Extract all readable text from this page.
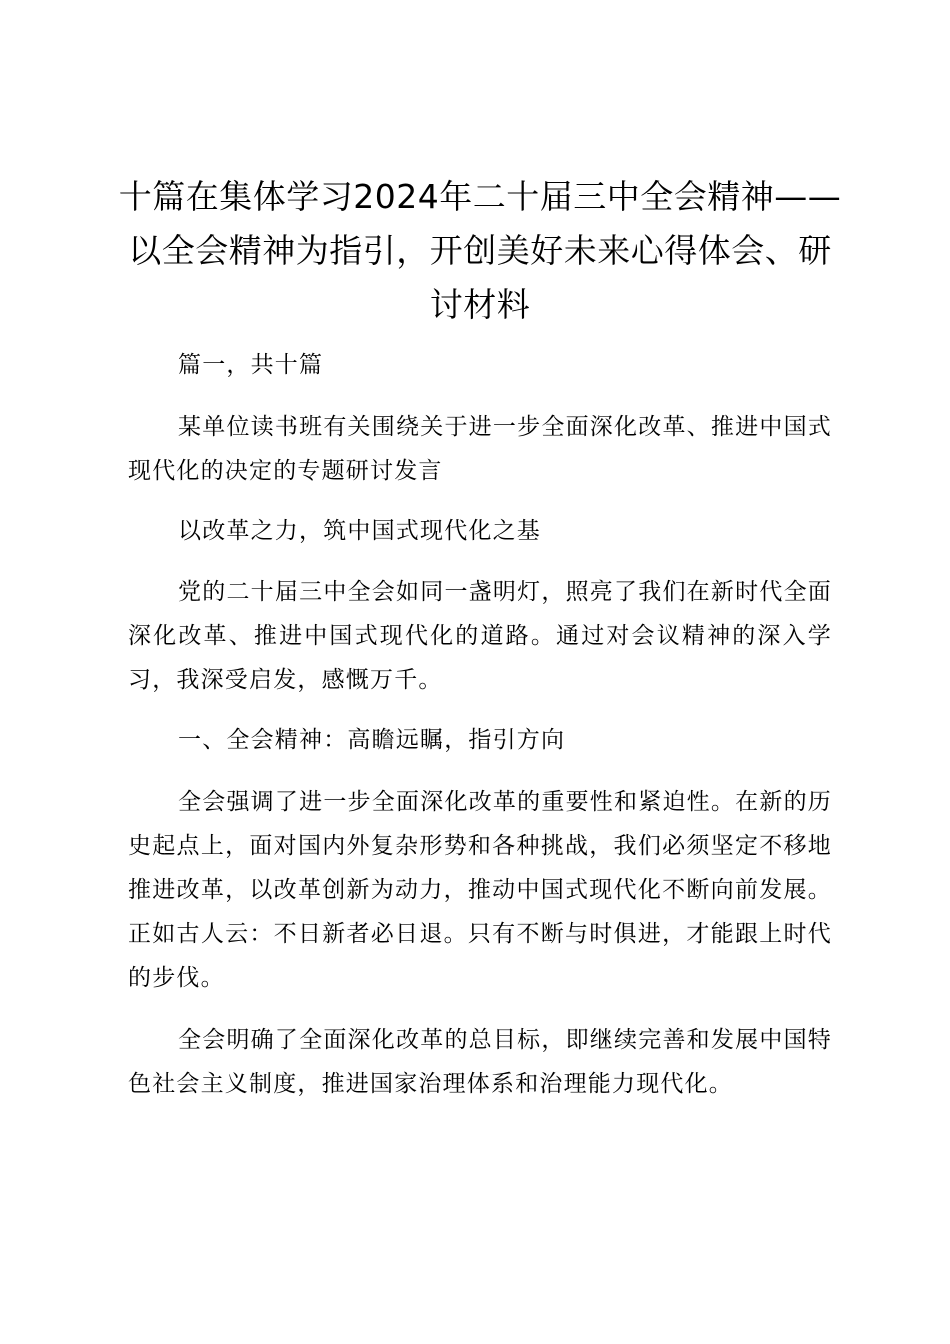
十篇在集体学习2024年二十届三中全会精神——以全会精神为指引，开创美好未来心得体会、研讨材料

篇一，共十篇

某单位读书班有关围绕关于进一步全面深化改革、推进中国式现代化的决定的专题研讨发言

以改革之力，筑中国式现代化之基

党的二十届三中全会如同一盏明灯，照亮了我们在新时代全面深化改革、推进中国式现代化的道路。通过对会议精神的深入学习，我深受启发，感慨万千。

一、全会精神：高瞻远瞩，指引方向

全会强调了进一步全面深化改革的重要性和紧迫性。在新的历史起点上，面对国内外复杂形势和各种挑战，我们必须坚定不移地推进改革，以改革创新为动力，推动中国式现代化不断向前发展。正如古人云：不日新者必日退。只有不断与时俱进，才能跟上时代的步伐。

全会明确了全面深化改革的总目标，即继续完善和发展中国特色社会主义制度，推进国家治理体系和治理能力现代化。
